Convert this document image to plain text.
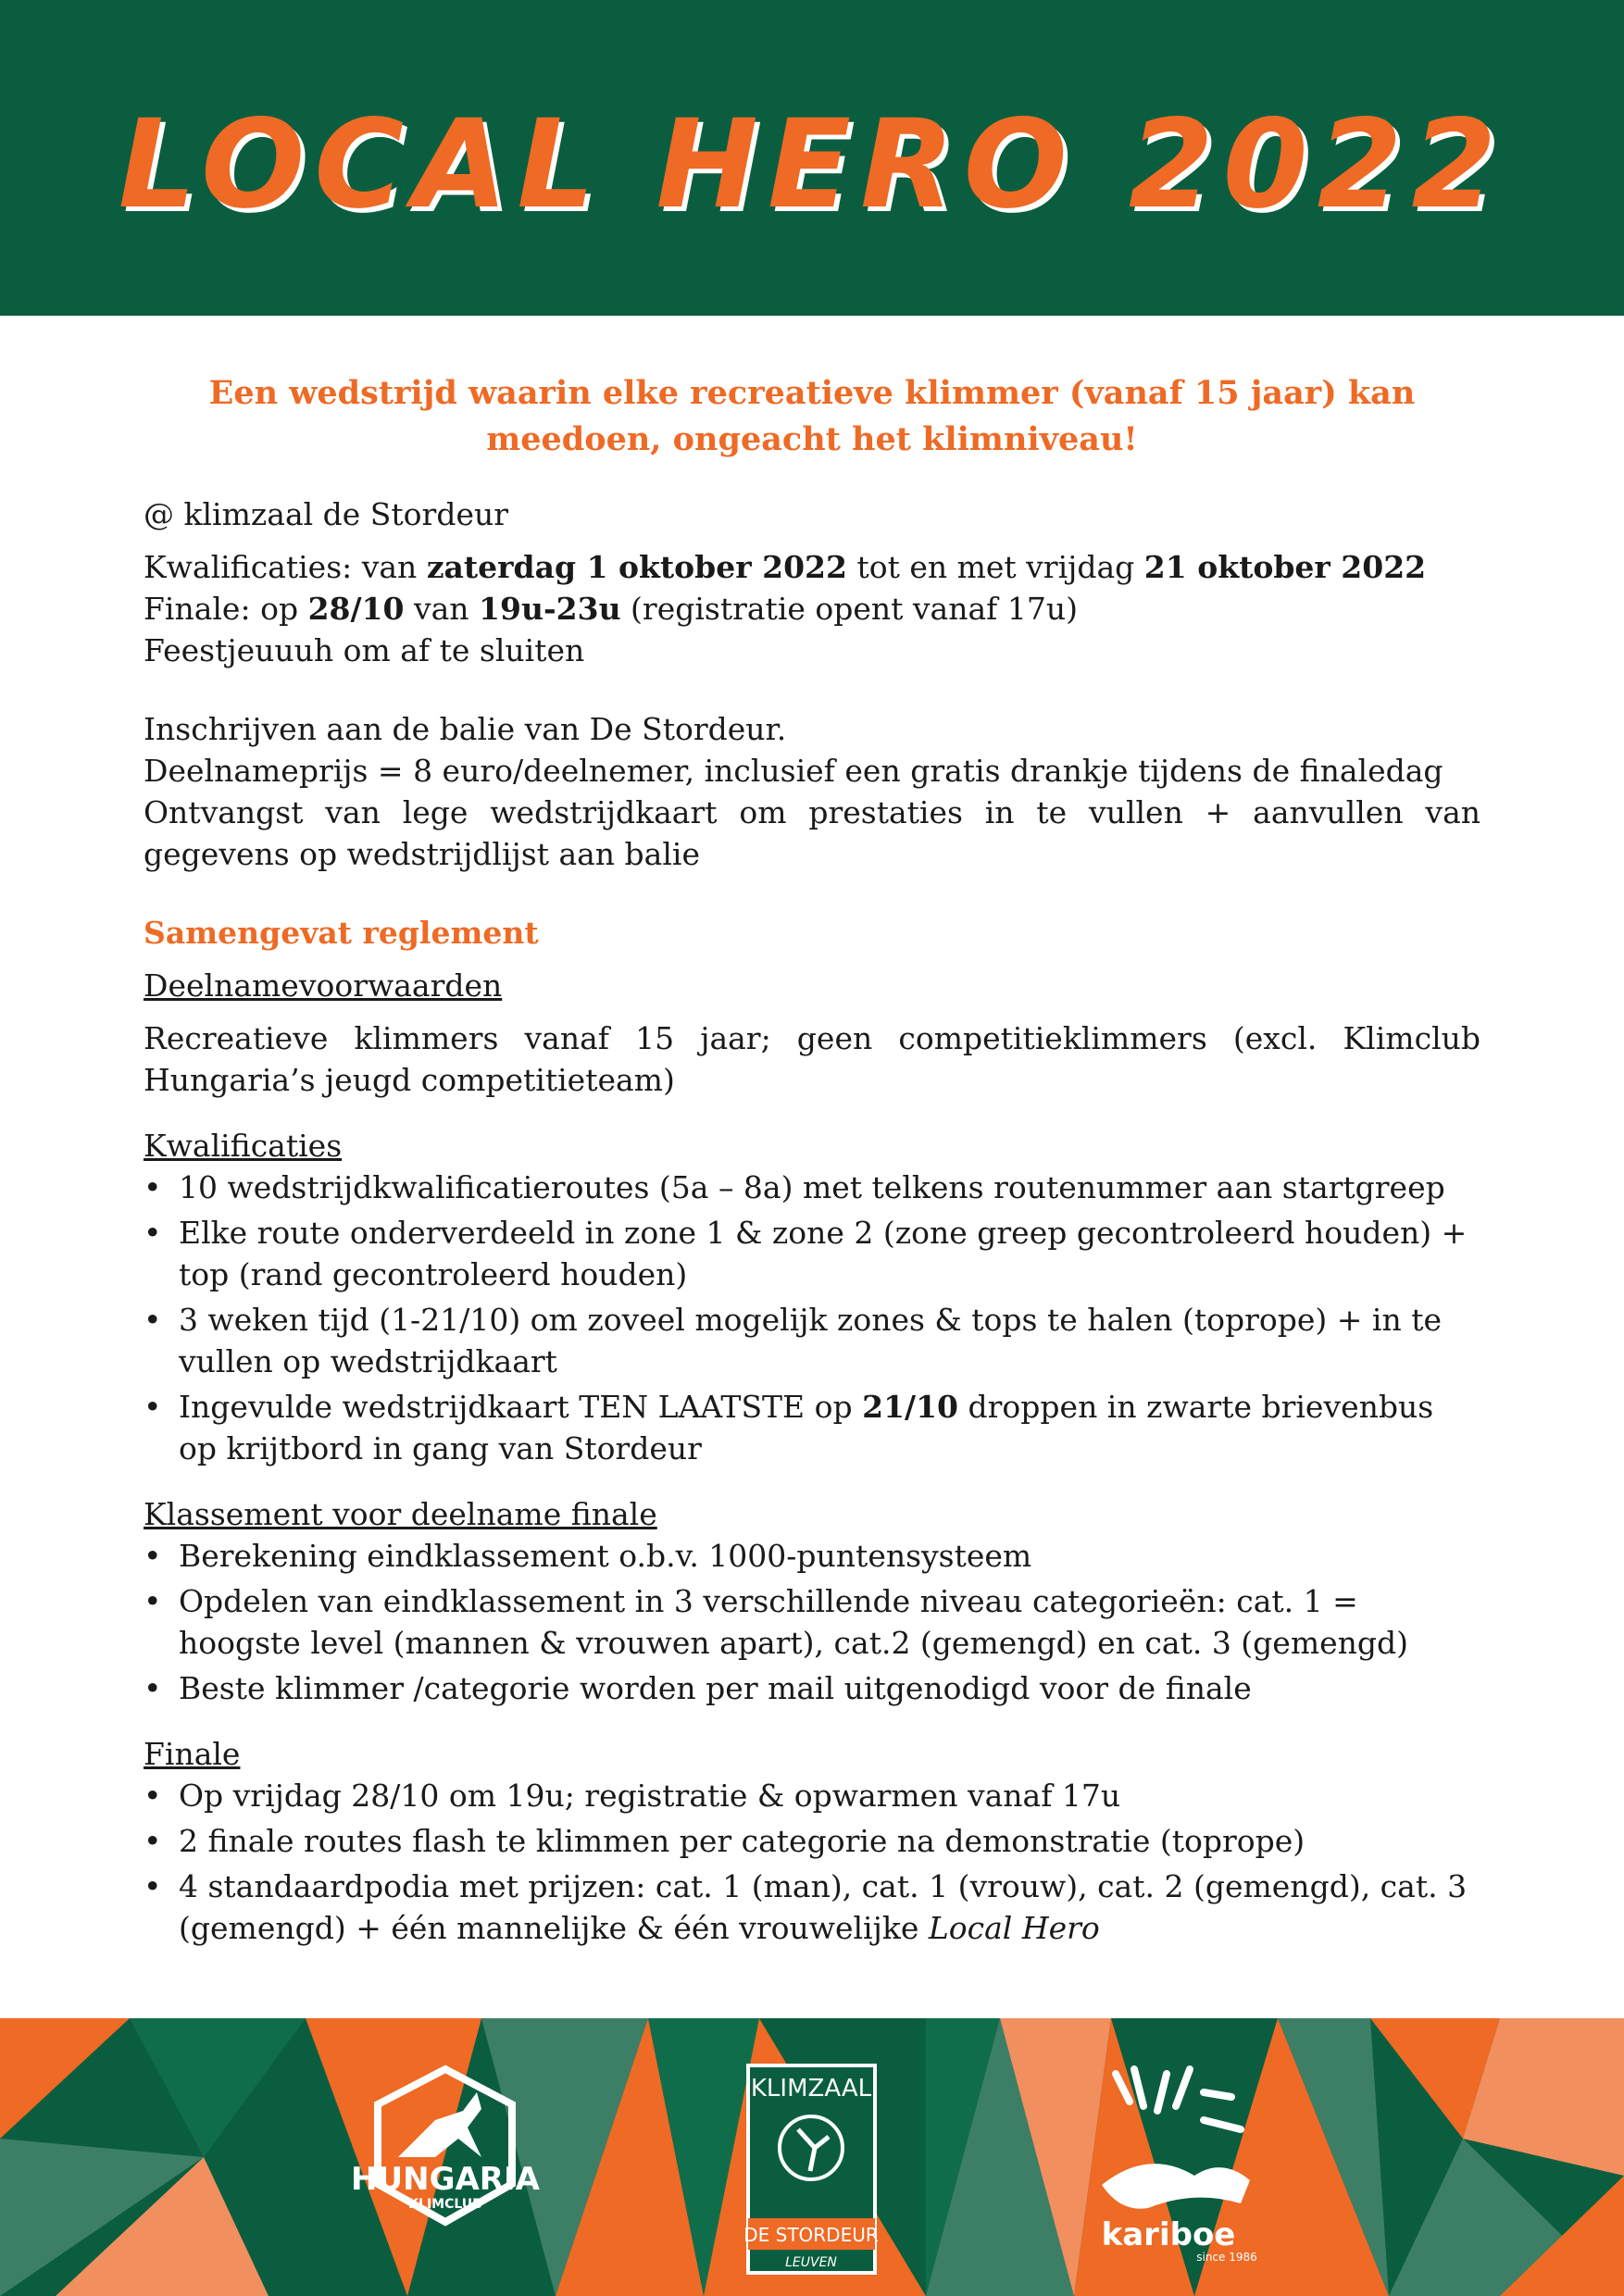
LOCAL HERO 2022
Een wedstrijd waarin elke recreatieve klimmer (vanaf 15 jaar) kan
meedoen, ongeacht het klimniveau!

@ klimzaal de Stordeur

Kwalificaties: van zaterdag 1 oktober 2022 tot en met vrijdag 21 oktober 2022

Finale: op 28/10 van 19u-23u (registratie opent vanaf 17u)

Feestjeuuuh om af te sluiten

Inschrijven aan de balie van De Stordeur.

Deelnameprijs = 8 euro/deelnemer, inclusief een gratis drankje tijdens de finaledag

Ontvangst van lege wedstrijdkaart om prestaties in te vullen + aanvullen van gegevens op wedstrijdlijst aan balie

Samengevat reglement

Deelnamevoorwaarden

Recreatieve klimmers vanaf 15 jaar; geen competitieklimmers (excl. Klimclub Hungaria’s jeugd competitieteam)

Kwalificaties

• 10 wedstrijdkwalificatieroutes (5a – 8a) met telkens routenummer aan startgreep
• Elke route onderverdeeld in zone 1 & zone 2 (zone greep gecontroleerd houden) + top (rand gecontroleerd houden)
• 3 weken tijd (1-21/10) om zoveel mogelijk zones & tops te halen (toprope) + in te vullen op wedstrijdkaart
• Ingevulde wedstrijdkaart TEN LAATSTE op 21/10 droppen in zwarte brievenbus op krijtbord in gang van Stordeur

Klassement voor deelname finale

• Berekening eindklassement o.b.v. 1000-puntensysteem
• Opdelen van eindklassement in 3 verschillende niveau categorieën: cat. 1 = hoogste level (mannen & vrouwen apart), cat.2 (gemengd) en cat. 3 (gemengd)
• Beste klimmer /categorie worden per mail uitgenodigd voor de finale

Finale

• Op vrijdag 28/10 om 19u; registratie & opwarmen vanaf 17u
• 2 finale routes flash te klimmen per categorie na demonstratie (toprope)
• 4 standaardpodia met prijzen: cat. 1 (man), cat. 1 (vrouw), cat. 2 (gemengd), cat. 3 (gemengd) + één mannelijke & één vrouwelijke Local Hero
HUNGARIA
KLIMCLUB
KLIMZAAL
DE STORDEUR
LEUVEN
kariboe
since 1986
